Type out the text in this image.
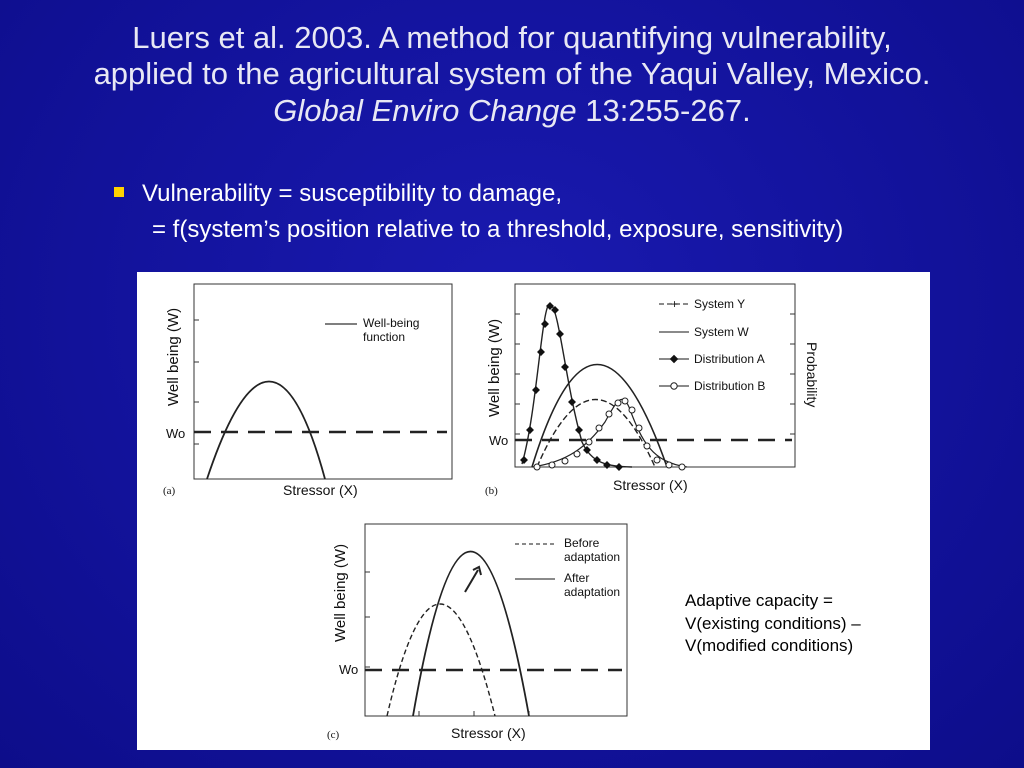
Luers et al. 2003. A method for quantifying vulnerability,
applied to the agricultural system of the Yaqui Valley, Mexico.
Global Enviro Change 13:255-267.
Vulnerability = susceptibility to damage,
= f(system’s position relative to a threshold, exposure, sensitivity)
Well-being
function
Wo
Well being (W)
Stressor (X)
(a)
+ System Y
System W
Distribution A
Distribution B
Wo
Well being (W)	Probability
Stressor (X)
(b)
Before
adaptation
After
adaptation
Wo
Well being (W)
Stressor (X)
(c)
Adaptive capacity =
V(existing conditions) –
V(modified conditions)
